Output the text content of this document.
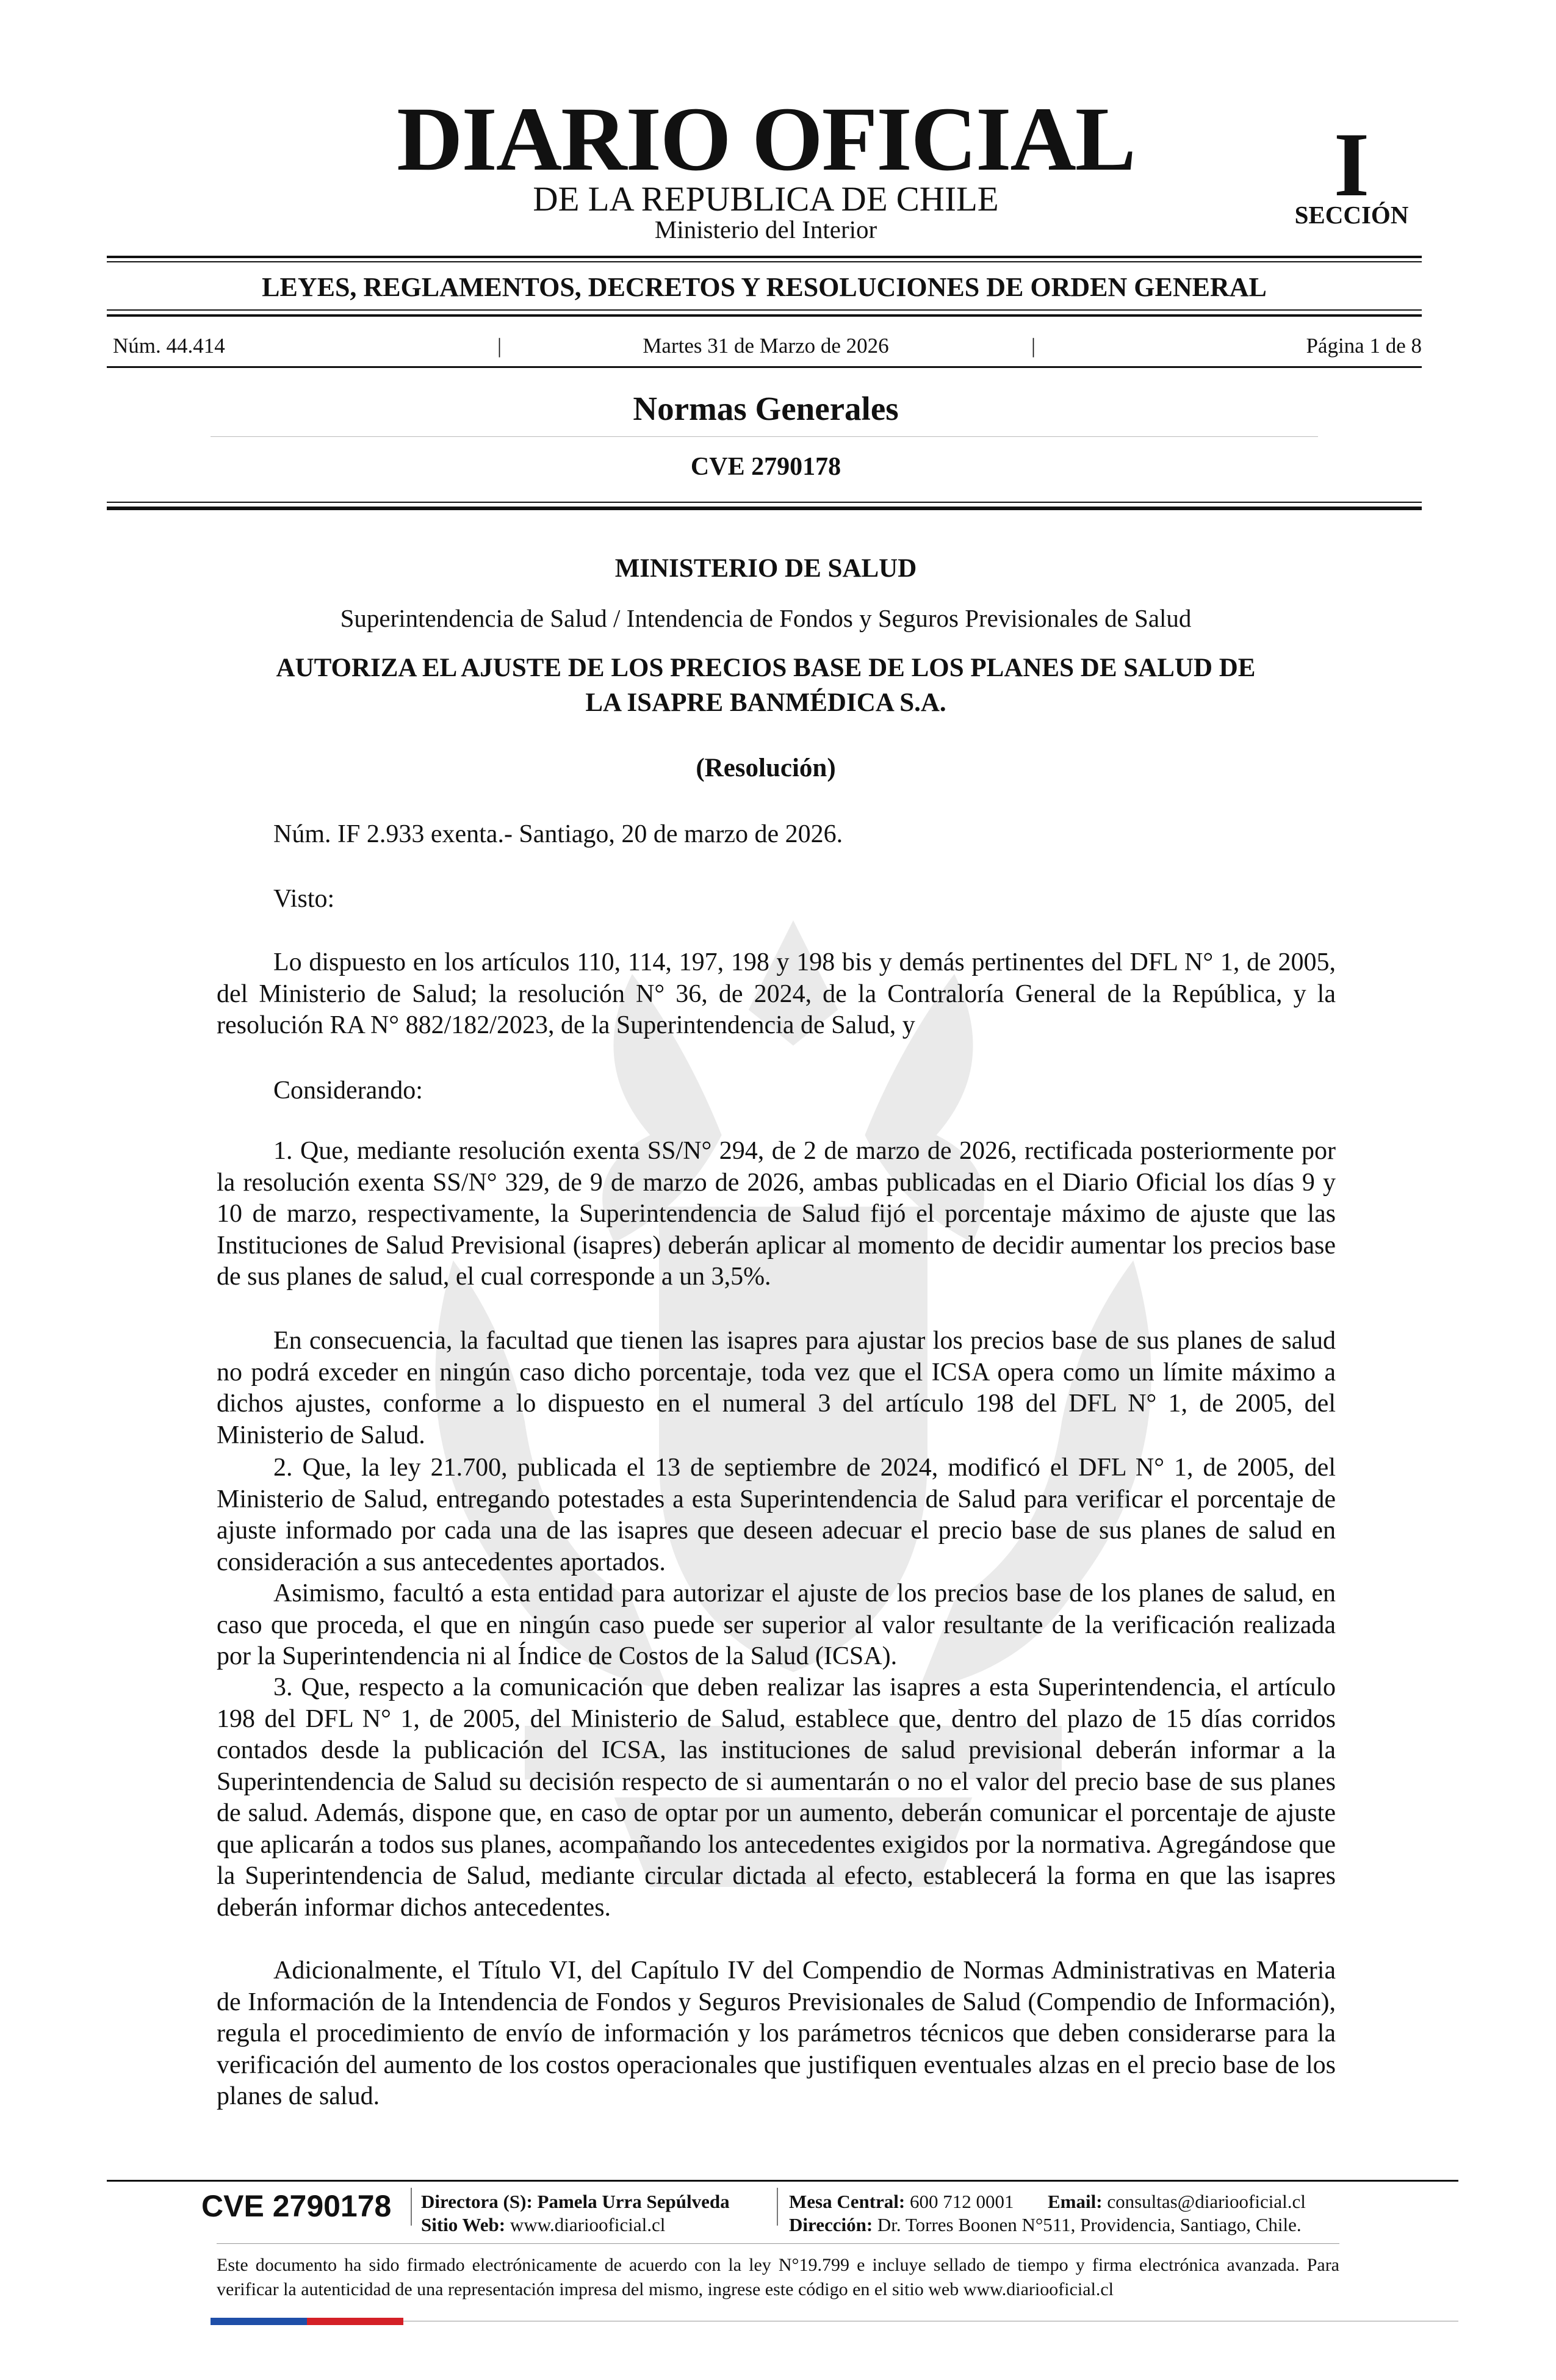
DIARIO OFICIAL
DE LA REPUBLICA DE CHILE
Ministerio del Interior
I
SECCIÓN
LEYES, REGLAMENTOS, DECRETOS Y RESOLUCIONES DE ORDEN GENERAL
Núm. 44.414	|	Martes 31 de Marzo de 2026	|	Página 1 de 8
Normas Generales
CVE 2790178
MINISTERIO DE SALUD
Superintendencia de Salud / Intendencia de Fondos y Seguros Previsionales de Salud
AUTORIZA EL AJUSTE DE LOS PRECIOS BASE DE LOS PLANES DE SALUD DE
LA ISAPRE BANMÉDICA S.A.
(Resolución)
Núm. IF 2.933 exenta.- Santiago, 20 de marzo de 2026.
Visto:

Lo dispuesto en los artículos 110, 114, 197, 198 y 198 bis y demás pertinentes del DFL N° 1, de 2005, del Ministerio de Salud; la resolución N° 36, de 2024, de la Contraloría General de la República, y la resolución RA N° 882/182/2023, de la Superintendencia de Salud, y

Considerando:

1. Que, mediante resolución exenta SS/N° 294, de 2 de marzo de 2026, rectificada posteriormente por la resolución exenta SS/N° 329, de 9 de marzo de 2026, ambas publicadas en el Diario Oficial los días 9 y 10 de marzo, respectivamente, la Superintendencia de Salud fijó el porcentaje máximo de ajuste que las Instituciones de Salud Previsional (isapres) deberán aplicar al momento de decidir aumentar los precios base de sus planes de salud, el cual corresponde a un 3,5%.

En consecuencia, la facultad que tienen las isapres para ajustar los precios base de sus planes de salud no podrá exceder en ningún caso dicho porcentaje, toda vez que el ICSA opera como un límite máximo a dichos ajustes, conforme a lo dispuesto en el numeral 3 del artículo 198 del DFL N° 1, de 2005, del Ministerio de Salud.

2. Que, la ley 21.700, publicada el 13 de septiembre de 2024, modificó el DFL N° 1, de 2005, del Ministerio de Salud, entregando potestades a esta Superintendencia de Salud para verificar el porcentaje de ajuste informado por cada una de las isapres que deseen adecuar el precio base de sus planes de salud en consideración a sus antecedentes aportados.

Asimismo, facultó a esta entidad para autorizar el ajuste de los precios base de los planes de salud, en caso que proceda, el que en ningún caso puede ser superior al valor resultante de la verificación realizada por la Superintendencia ni al Índice de Costos de la Salud (ICSA).

3. Que, respecto a la comunicación que deben realizar las isapres a esta Superintendencia, el artículo 198 del DFL N° 1, de 2005, del Ministerio de Salud, establece que, dentro del plazo de 15 días corridos contados desde la publicación del ICSA, las instituciones de salud previsional deberán informar a la Superintendencia de Salud su decisión respecto de si aumentarán o no el valor del precio base de sus planes de salud. Además, dispone que, en caso de optar por un aumento, deberán comunicar el porcentaje de ajuste que aplicarán a todos sus planes, acompañando los antecedentes exigidos por la normativa. Agregándose que la Superintendencia de Salud, mediante circular dictada al efecto, establecerá la forma en que las isapres deberán informar dichos antecedentes.

Adicionalmente, el Título VI, del Capítulo IV del Compendio de Normas Administrativas en Materia de Información de la Intendencia de Fondos y Seguros Previsionales de Salud (Compendio de Información), regula el procedimiento de envío de información y los parámetros técnicos que deben considerarse para la verificación del aumento de los costos operacionales que justifiquen eventuales alzas en el precio base de los planes de salud.

CVE 2790178 Directora (S): Pamela Urra Sepúlveda
Sitio Web: www.diariooficial.cl
Mesa Central: 600 712 0001 Email: consultas@diariooficial.cl
Dirección: Dr. Torres Boonen N°511, Providencia, Santiago, Chile.
Este documento ha sido firmado electrónicamente de acuerdo con la ley N°19.799 e incluye sellado de tiempo y firma electrónica avanzada. Para verificar la autenticidad de una representación impresa del mismo, ingrese este código en el sitio web www.diariooficial.cl
